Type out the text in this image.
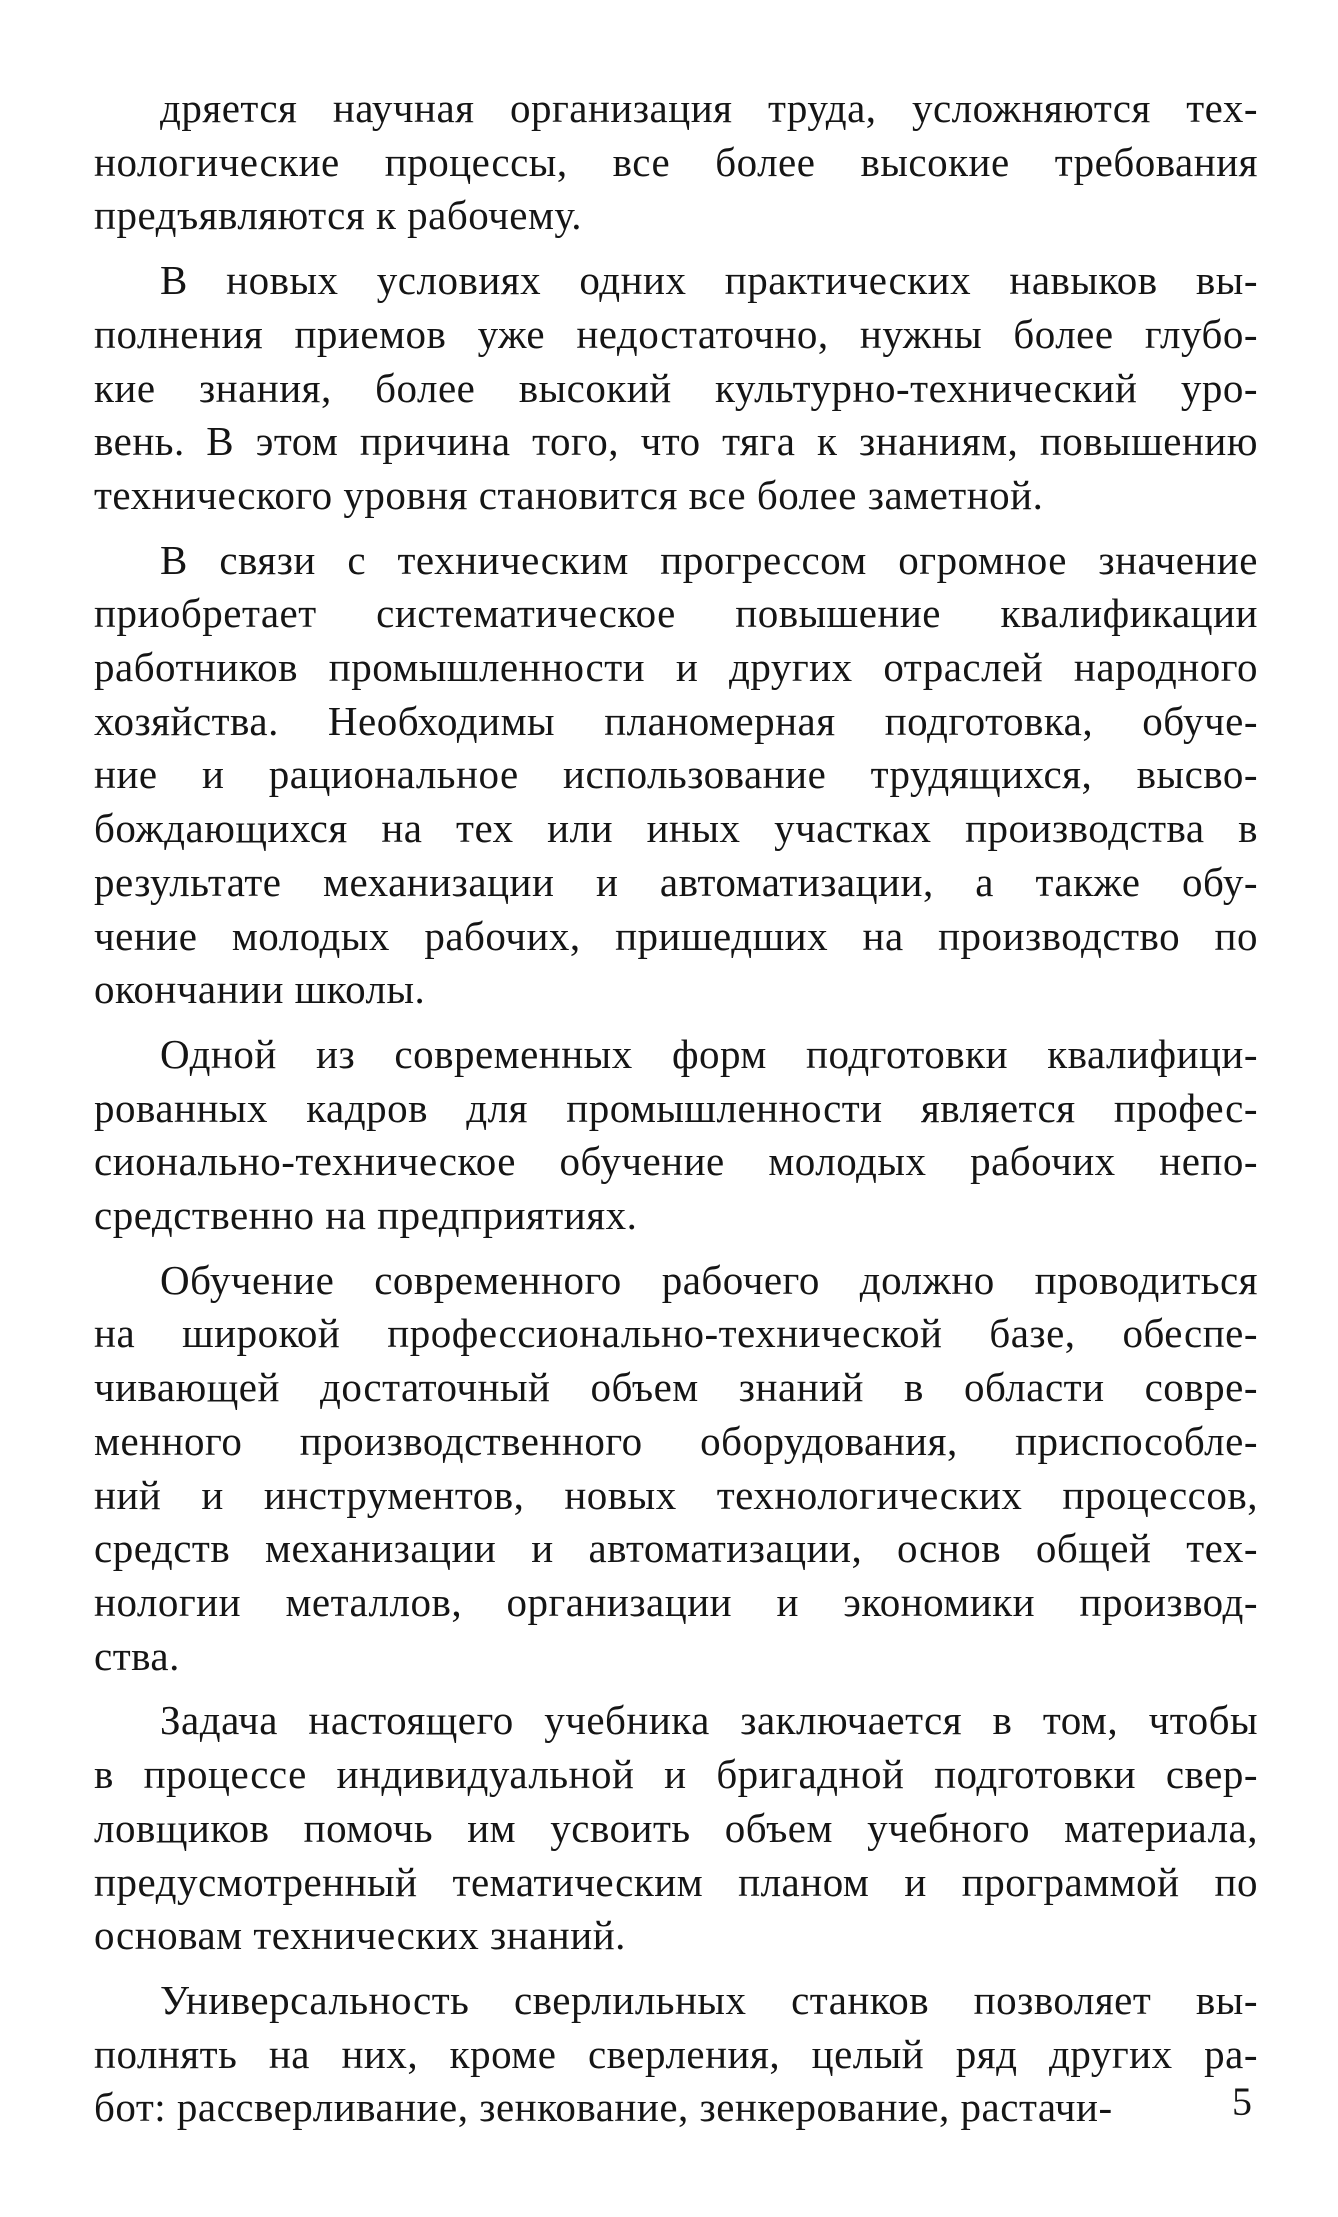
дряется научная организация труда, усложняются тех-
нологические процессы, все более высокие требования
предъявляются к рабочему.

В новых условиях одних практических навыков вы-
полнения приемов уже недостаточно, нужны более глубо-
кие знания, более высокий культурно-технический уро-
вень. В этом причина того, что тяга к знаниям, повышению
технического уровня становится все более заметной.

В связи с техническим прогрессом огромное значение
приобретает систематическое повышение квалификации
работников промышленности и других отраслей народного
хозяйства. Необходимы планомерная подготовка, обуче-
ние и рациональное использование трудящихся, высво-
бождающихся на тех или иных участках производства в
результате механизации и автоматизации, а также обу-
чение молодых рабочих, пришедших на производство по
окончании школы.

Одной из современных форм подготовки квалифици-
рованных кадров для промышленности является профес-
сионально-техническое обучение молодых рабочих непо-
средственно на предприятиях.

Обучение современного рабочего должно проводиться
на широкой профессионально-технической базе, обеспе-
чивающей достаточный объем знаний в области совре-
менного производственного оборудования, приспособле-
ний и инструментов, новых технологических процессов,
средств механизации и автоматизации, основ общей тех-
нологии металлов, организации и экономики производ-
ства.

Задача настоящего учебника заключается в том, чтобы
в процессе индивидуальной и бригадной подготовки свер-
ловщиков помочь им усвоить объем учебного материала,
предусмотренный тематическим планом и программой по
основам технических знаний.

Универсальность сверлильных станков позволяет вы-
полнять на них, кроме сверления, целый ряд других ра-
бот: рассверливание, зенкование, зенкерование, растачи-	5
